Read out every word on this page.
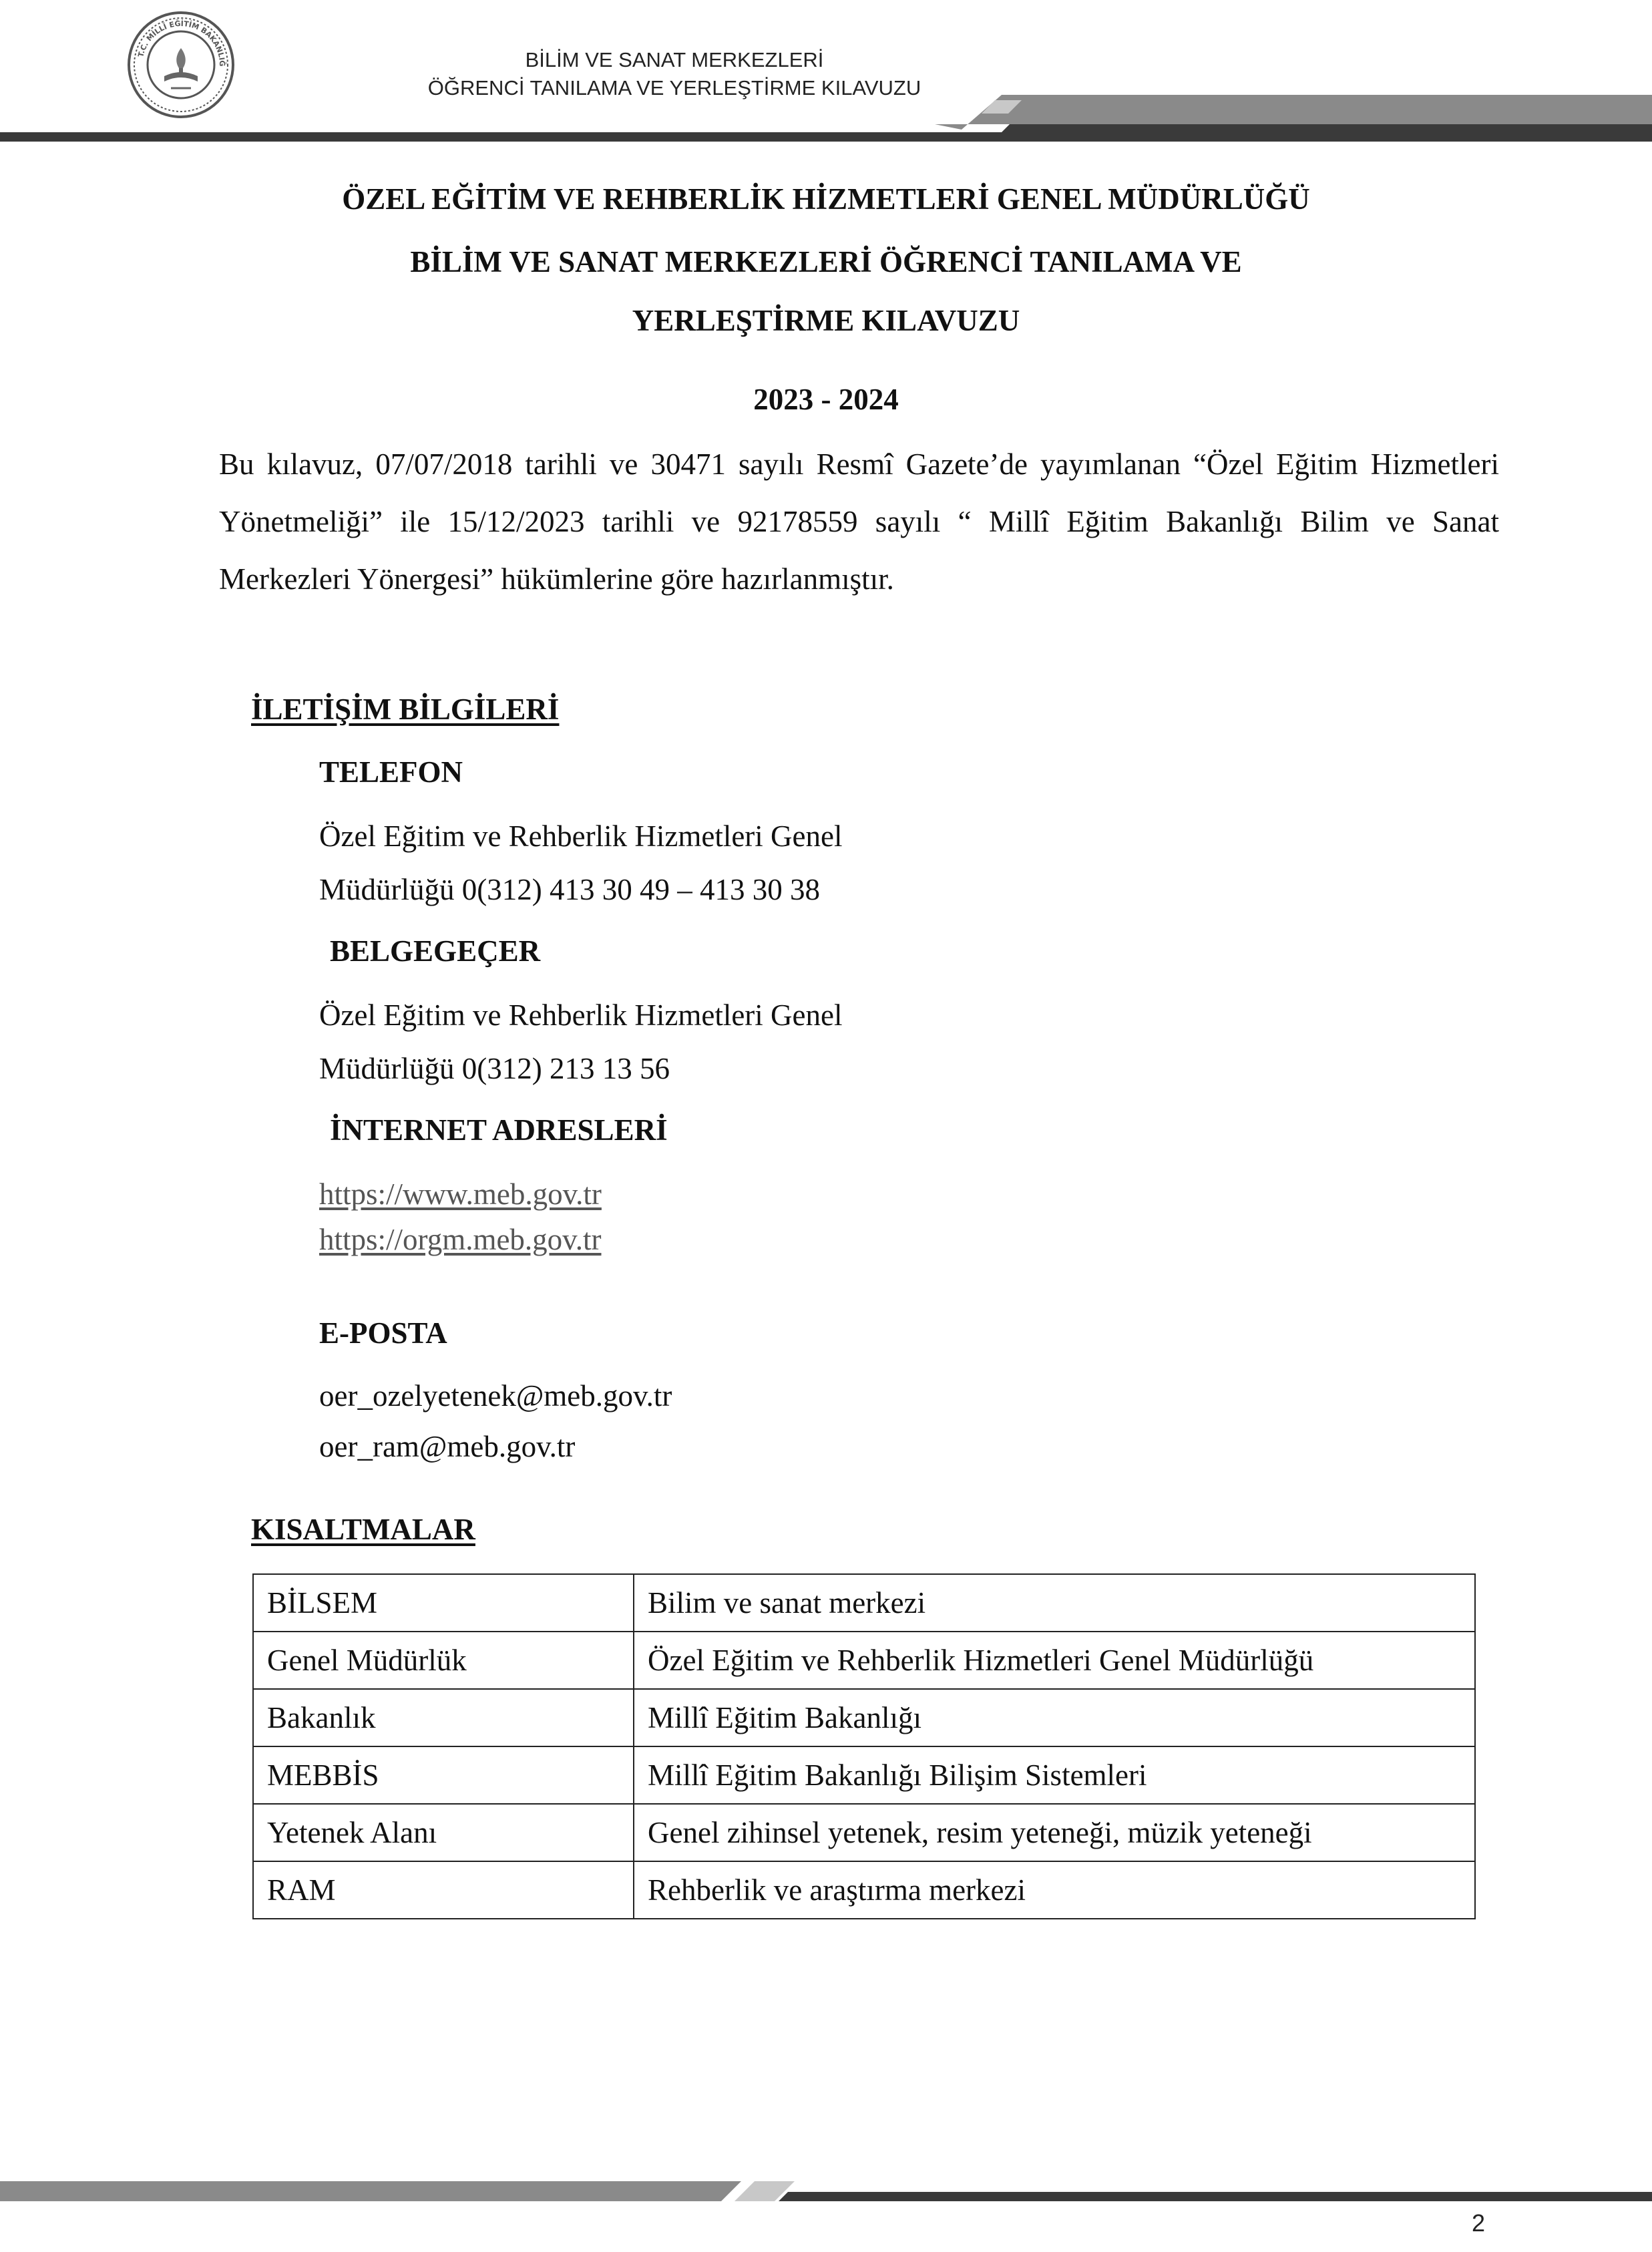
T.C. MİLLÎ EĞİTİM BAKANLIĞ	BİLİM VE SANAT MERKEZLERİ
ÖĞRENCİ TANILAMA VE YERLEŞTİRME KILAVUZU
ÖZEL EĞİTİM VE REHBERLİK HİZMETLERİ GENEL MÜDÜRLÜĞÜ
BİLİM VE SANAT MERKEZLERİ ÖĞRENCİ TANILAMA VE
YERLEŞTİRME KILAVUZU
2023 - 2024
Bu kılavuz, 07/07/2018 tarihli ve 30471 sayılı Resmî Gazete’de yayımlanan “Özel Eğitim Hizmetleri Yönetmeliği” ile 15/12/2023 tarihli ve 92178559 sayılı “ Millî Eğitim Bakanlığı Bilim ve Sanat Merkezleri Yönergesi” hükümlerine göre hazırlanmıştır.
İLETİŞİM BİLGİLERİ
TELEFON
Özel Eğitim ve Rehberlik Hizmetleri Genel
Müdürlüğü 0(312) 413 30 49 – 413 30 38
BELGEGEÇER
Özel Eğitim ve Rehberlik Hizmetleri Genel
Müdürlüğü 0(312) 213 13 56
İNTERNET ADRESLERİ
https://www.meb.gov.tr
https://orgm.meb.gov.tr
E-POSTA
oer_ozelyetenek@meb.gov.tr
oer_ram@meb.gov.tr
KISALTMALAR
BİLSEM	Bilim ve sanat merkezi
Genel Müdürlük	Özel Eğitim ve Rehberlik Hizmetleri Genel Müdürlüğü
Bakanlık	Millî Eğitim Bakanlığı
MEBBİS	Millî Eğitim Bakanlığı Bilişim Sistemleri
Yetenek Alanı	Genel zihinsel yetenek, resim yeteneği, müzik yeteneği
RAM	Rehberlik ve araştırma merkezi
2
